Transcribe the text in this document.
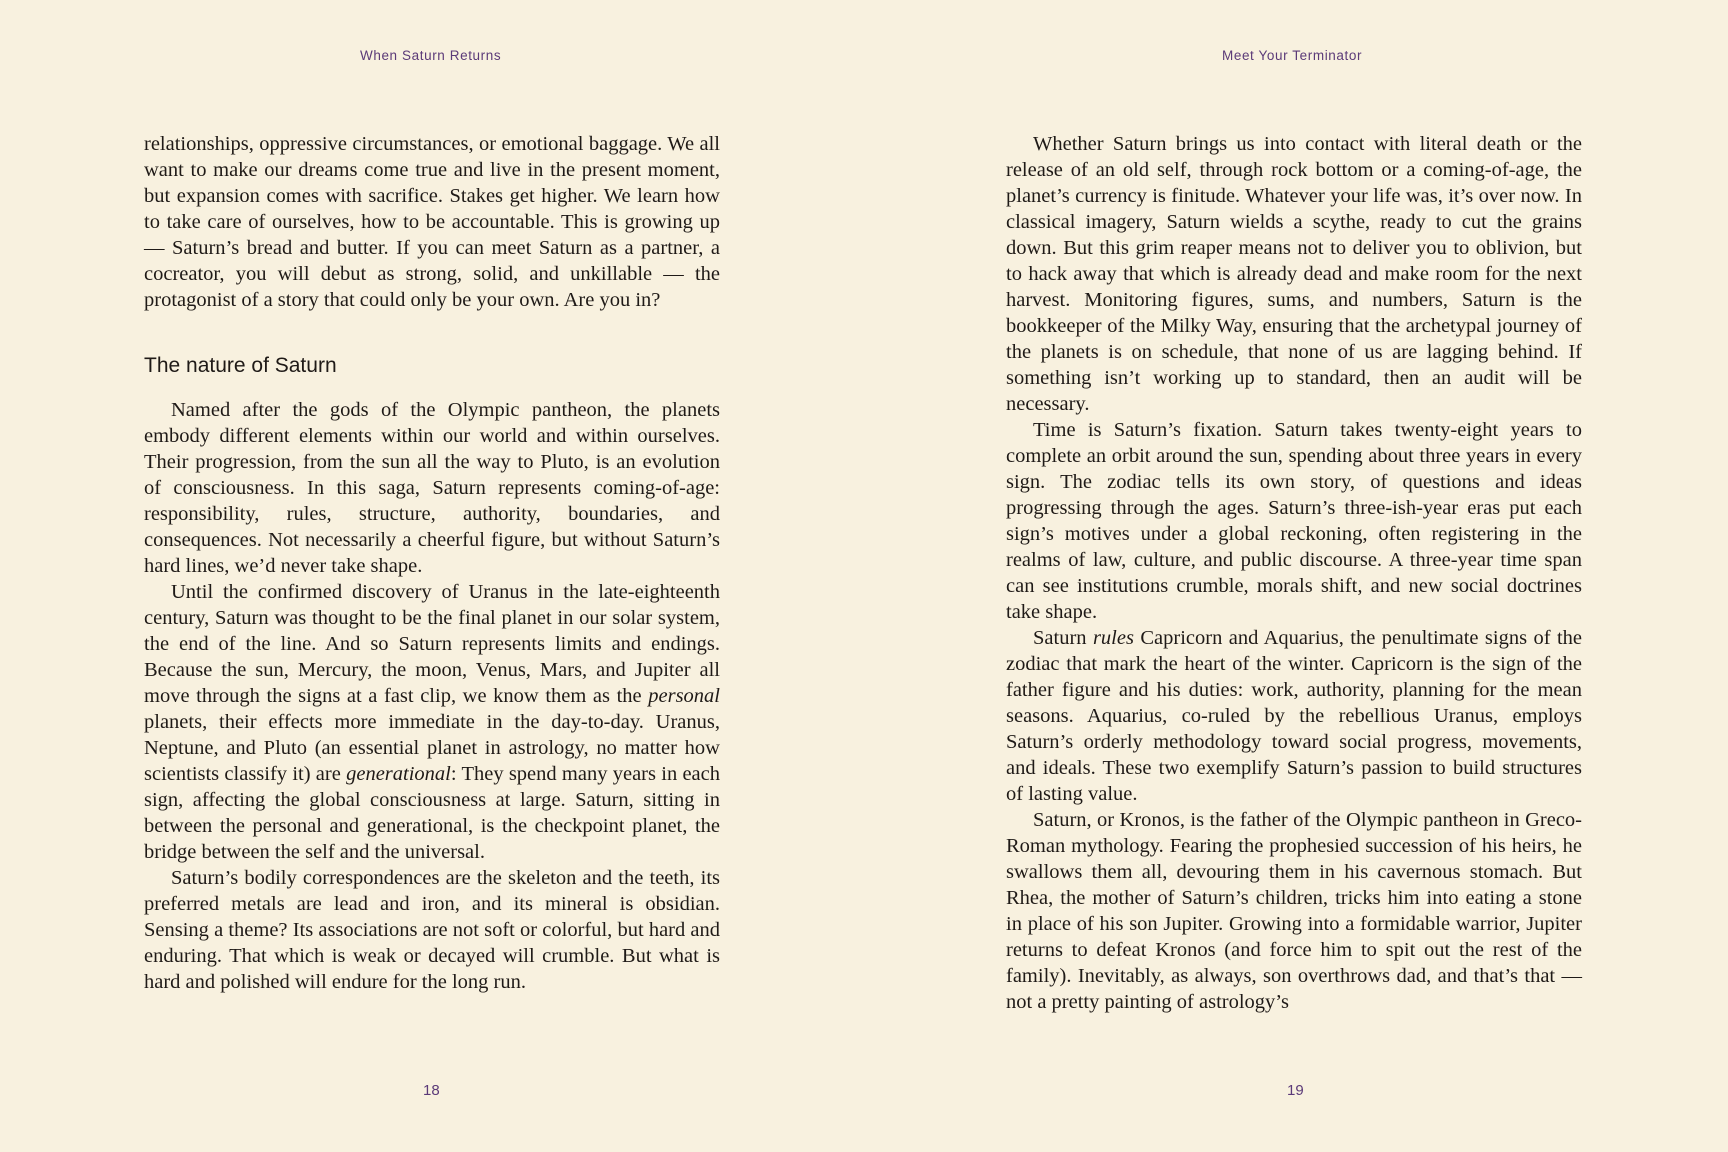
When Saturn Returns

relationships, oppressive circumstances, or emotional baggage. We all want to make our dreams come true and live in the present moment, but expansion comes with sacrifice. Stakes get higher. We learn how to take care of ourselves, how to be accountable. This is growing up — Saturn’s bread and butter. If you can meet Saturn as a partner, a cocreator, you will debut as strong, solid, and unkillable — the protagonist of a story that could only be your own. Are you in?

The nature of Saturn

Named after the gods of the Olympic pantheon, the planets embody different elements within our world and within ourselves. Their progression, from the sun all the way to Pluto, is an evolution of consciousness. In this saga, Saturn represents coming-of-age: responsibility, rules, structure, authority, boundaries, and consequences. Not necessarily a cheerful figure, but without Saturn’s hard lines, we’d never take shape.

Until the confirmed discovery of Uranus in the late-eighteenth century, Saturn was thought to be the final planet in our solar system, the end of the line. And so Saturn represents limits and endings. Because the sun, Mercury, the moon, Venus, Mars, and Jupiter all move through the signs at a fast clip, we know them as the personal planets, their effects more immediate in the day-to-day. Uranus, Neptune, and Pluto (an essential planet in astrology, no matter how scientists classify it) are generational: They spend many years in each sign, affecting the global consciousness at large. Saturn, sitting in between the personal and generational, is the checkpoint planet, the bridge between the self and the universal.

Saturn’s bodily correspondences are the skeleton and the teeth, its preferred metals are lead and iron, and its mineral is obsidian. Sensing a theme? Its associations are not soft or colorful, but hard and enduring. That which is weak or decayed will crumble. But what is hard and polished will endure for the long run.

18
Meet Your Terminator

Whether Saturn brings us into contact with literal death or the release of an old self, through rock bottom or a coming-of-age, the planet’s currency is finitude. Whatever your life was, it’s over now. In classical imagery, Saturn wields a scythe, ready to cut the grains down. But this grim reaper means not to deliver you to oblivion, but to hack away that which is already dead and make room for the next harvest. Monitoring figures, sums, and numbers, Saturn is the bookkeeper of the Milky Way, ensuring that the archetypal journey of the planets is on schedule, that none of us are lagging behind. If something isn’t working up to standard, then an audit will be necessary.

Time is Saturn’s fixation. Saturn takes twenty-eight years to complete an orbit around the sun, spending about three years in every sign. The zodiac tells its own story, of questions and ideas progressing through the ages. Saturn’s three-ish-year eras put each sign’s motives under a global reckoning, often registering in the realms of law, culture, and public discourse. A three-year time span can see institutions crumble, morals shift, and new social doctrines take shape.

Saturn rules Capricorn and Aquarius, the penultimate signs of the zodiac that mark the heart of the winter. Capricorn is the sign of the father figure and his duties: work, authority, planning for the mean seasons. Aquarius, co-ruled by the rebellious Uranus, employs Saturn’s orderly methodology toward social progress, movements, and ideals. These two exemplify Saturn’s passion to build structures of lasting value.

Saturn, or Kronos, is the father of the Olympic pantheon in Greco-Roman mythology. Fearing the prophesied succession of his heirs, he swallows them all, devouring them in his cavernous stomach. But Rhea, the mother of Saturn’s children, tricks him into eating a stone in place of his son Jupiter. Growing into a formidable warrior, Jupiter returns to defeat Kronos (and force him to spit out the rest of the family). Inevitably, as always, son overthrows dad, and that’s that — not a pretty painting of astrology’s

19
